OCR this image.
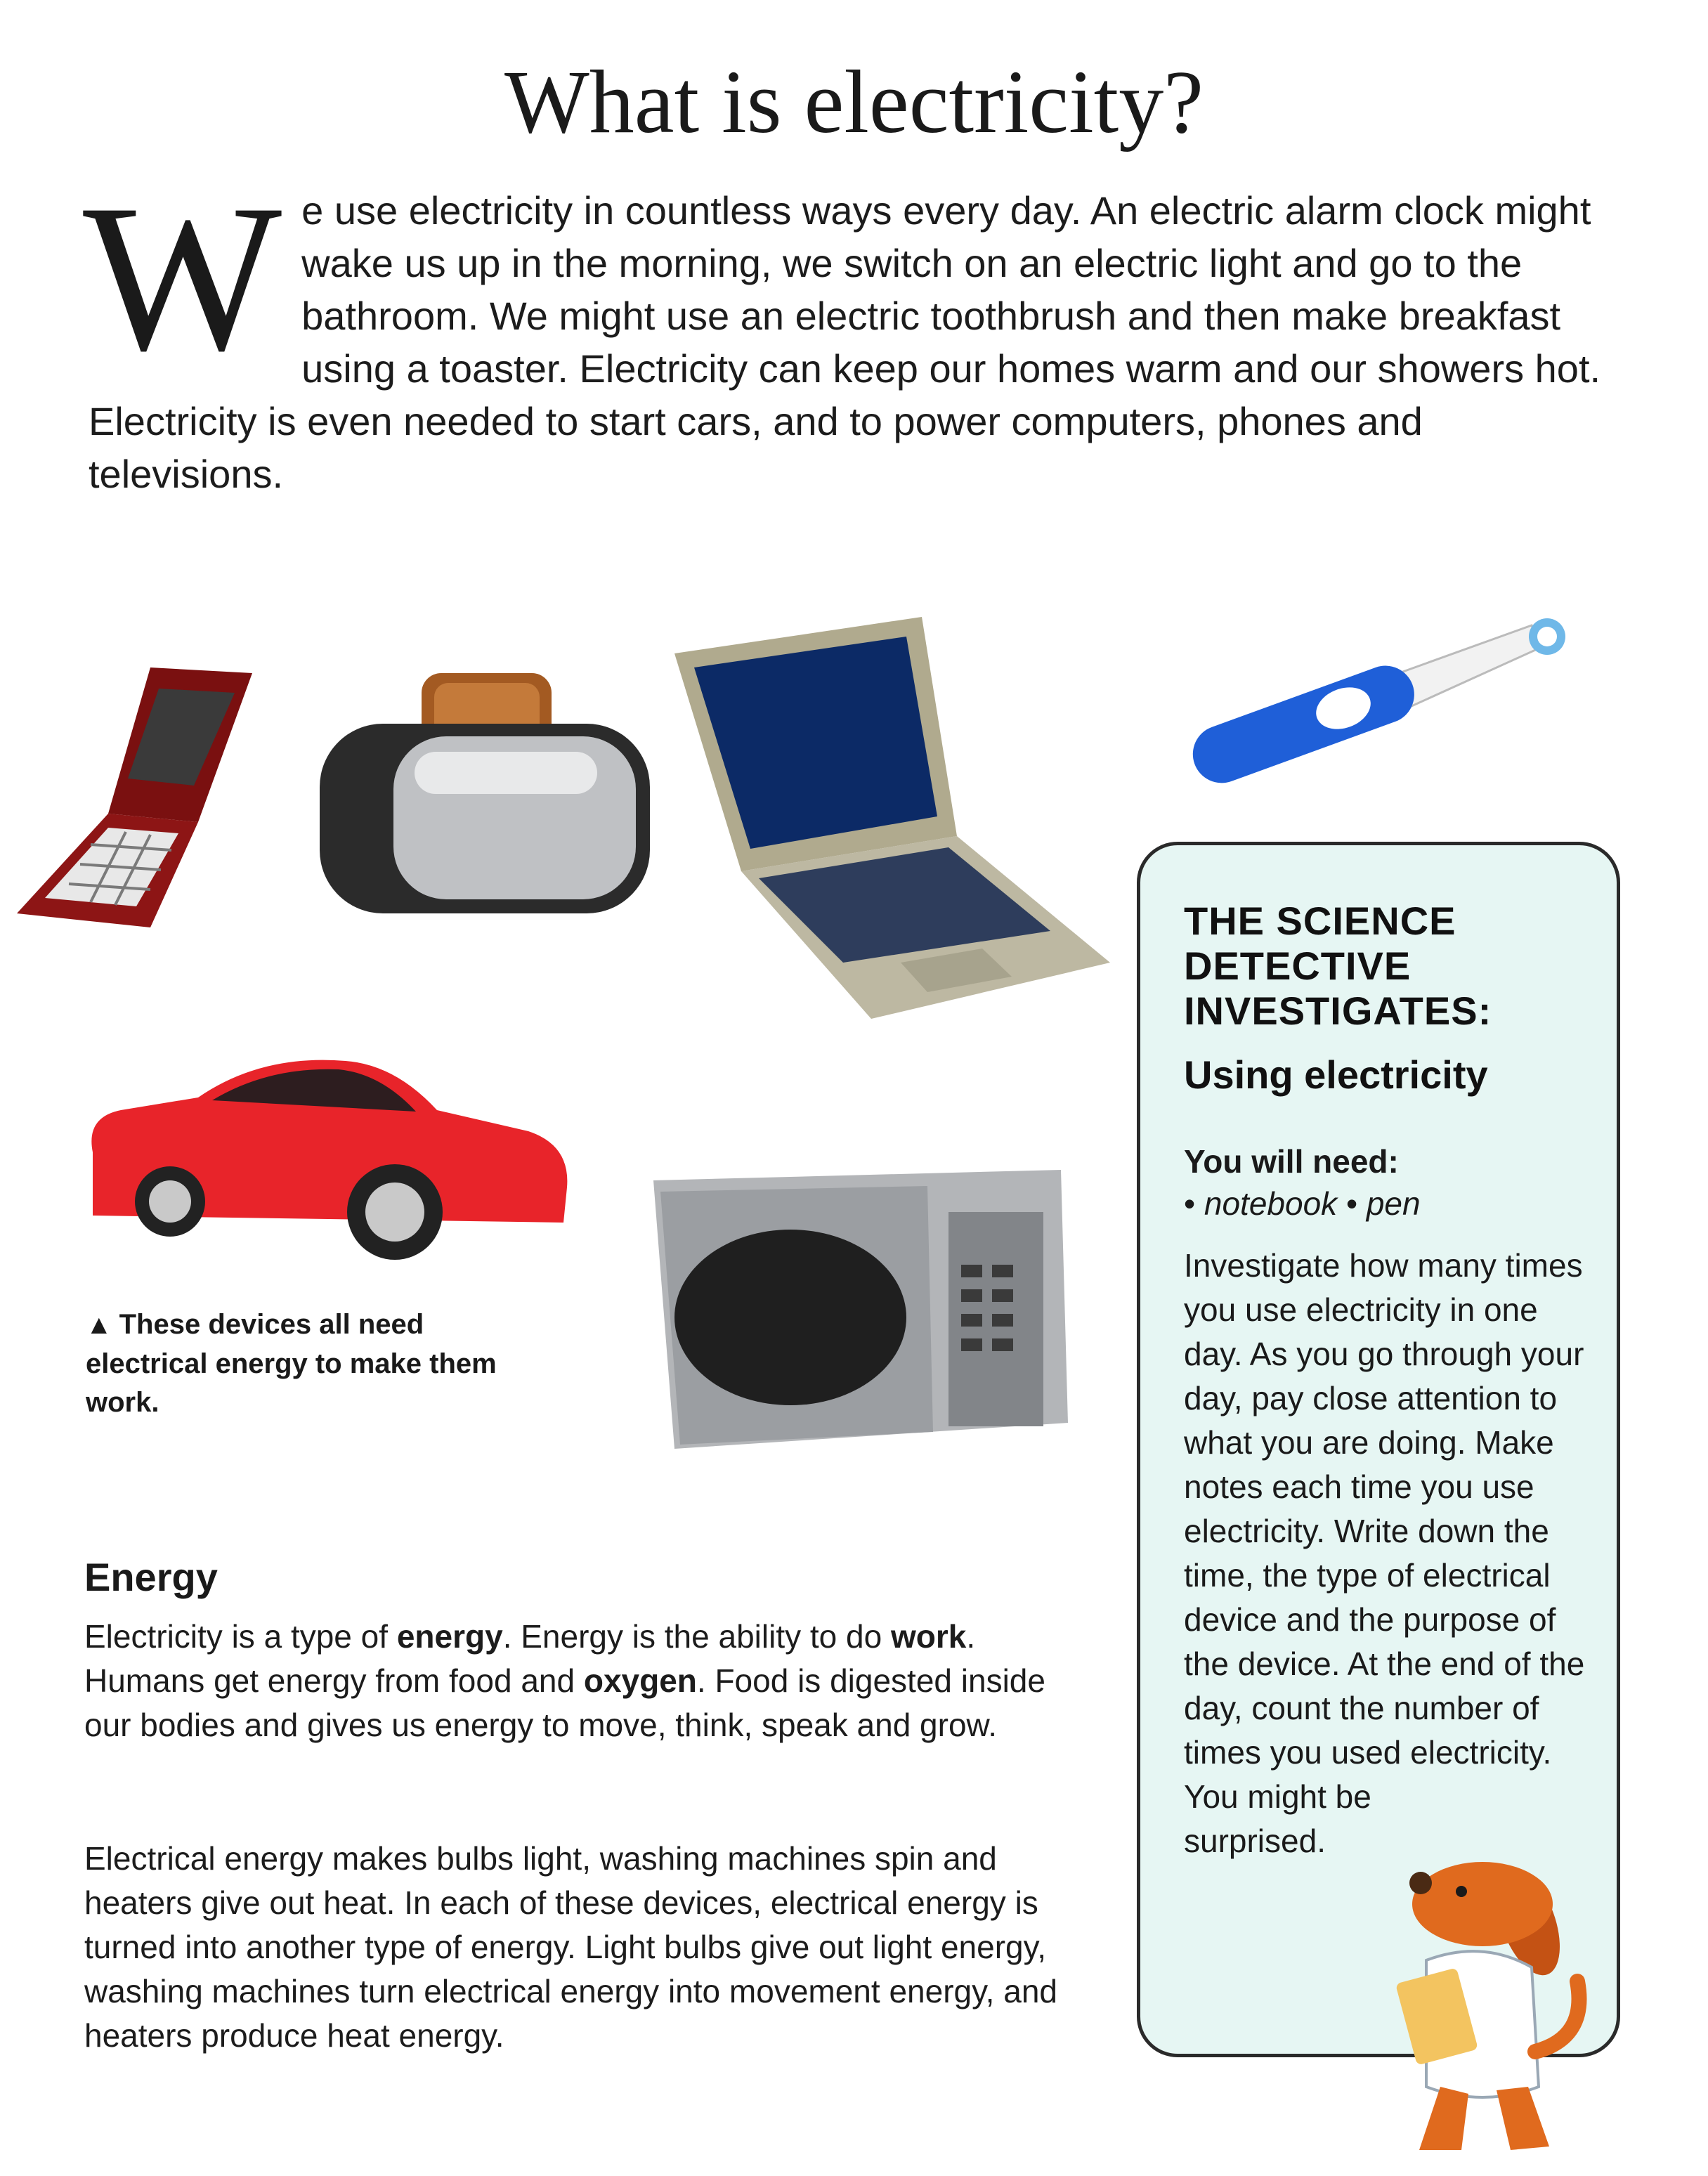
What is electricity?

W e use electricity in countless ways every day. An electric alarm clock might wake us up in the morning, we switch on an electric light and go to the bathroom. We might use an electric toothbrush and then make breakfast using a toaster. Electricity can keep our homes warm and our showers hot. Electricity is even needed to start cars, and to power computers, phones and televisions.

▲ These devices all need electrical energy to make them work.

Energy

Electricity is a type of energy. Energy is the ability to do work. Humans get energy from food and oxygen. Food is digested inside our bodies and gives us energy to move, think, speak and grow.

Electrical energy makes bulbs light, washing machines spin and heaters give out heat. In each of these devices, electrical energy is turned into another type of energy. Light bulbs give out light energy, washing machines turn electrical energy into movement energy, and heaters produce heat energy.

THE SCIENCE
DETECTIVE
INVESTIGATES:

Using electricity

You will need:

• notebook • pen

Investigate how many times you use electricity in one day. As you go through your day, pay close attention to what you are doing. Make notes each time you use electricity. Write down the time, the type of electrical device and the purpose of the device. At the end of the day, count the number of times you used electricity.

You might be
surprised.
